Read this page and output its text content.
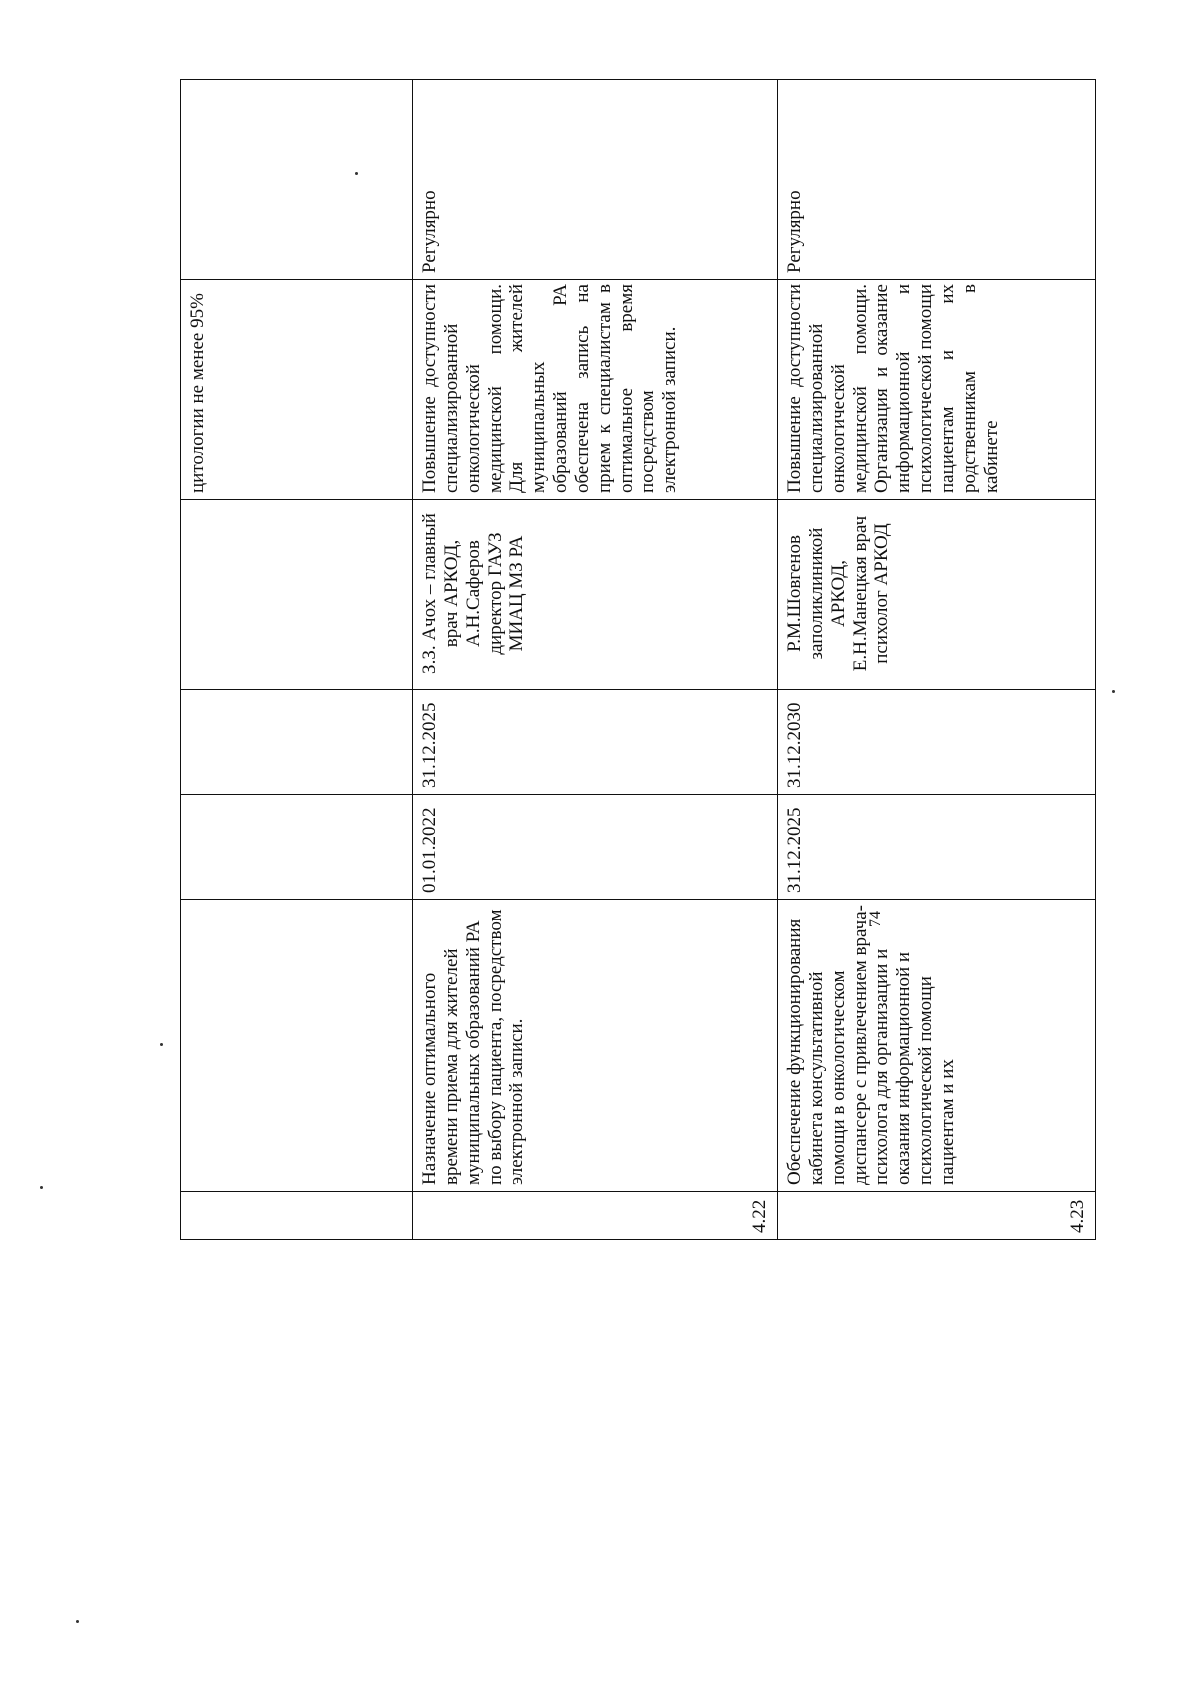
					цитологии не менее 95%	
4.22	Назначение оптимального времени приема для жителей муниципальных образований РА по выбору пациента, посредством электронной записи.	01.01.2022	31.12.2025	З.З. Ачох – главный врач АРКОД, А.Н.Саферов директор ГАУЗ МИАЦ МЗ РА	Повышение доступности специализированной онкологической медицинской помощи. Для жителей муниципальных образований РА обеспечена запись на прием к специалистам в оптимальное время посредством электронной записи.	Регулярно
4.23	Обеспечение функционирования кабинета консультативной помощи в онкологическом диспансере с привлечением врача-психолога для организации и оказания информационной и психологической помощи пациентам и их	31.12.2025	31.12.2030	Р.М.Шовгенов заполиклиникой АРКОД, Е.Н.Манецкая врач психолог АРКОД	Повышение доступности специализированной онкологической медицинской помощи. Организация и оказание информационной и психологической помощи пациентам и их родственникам в кабинете	Регулярно
74
